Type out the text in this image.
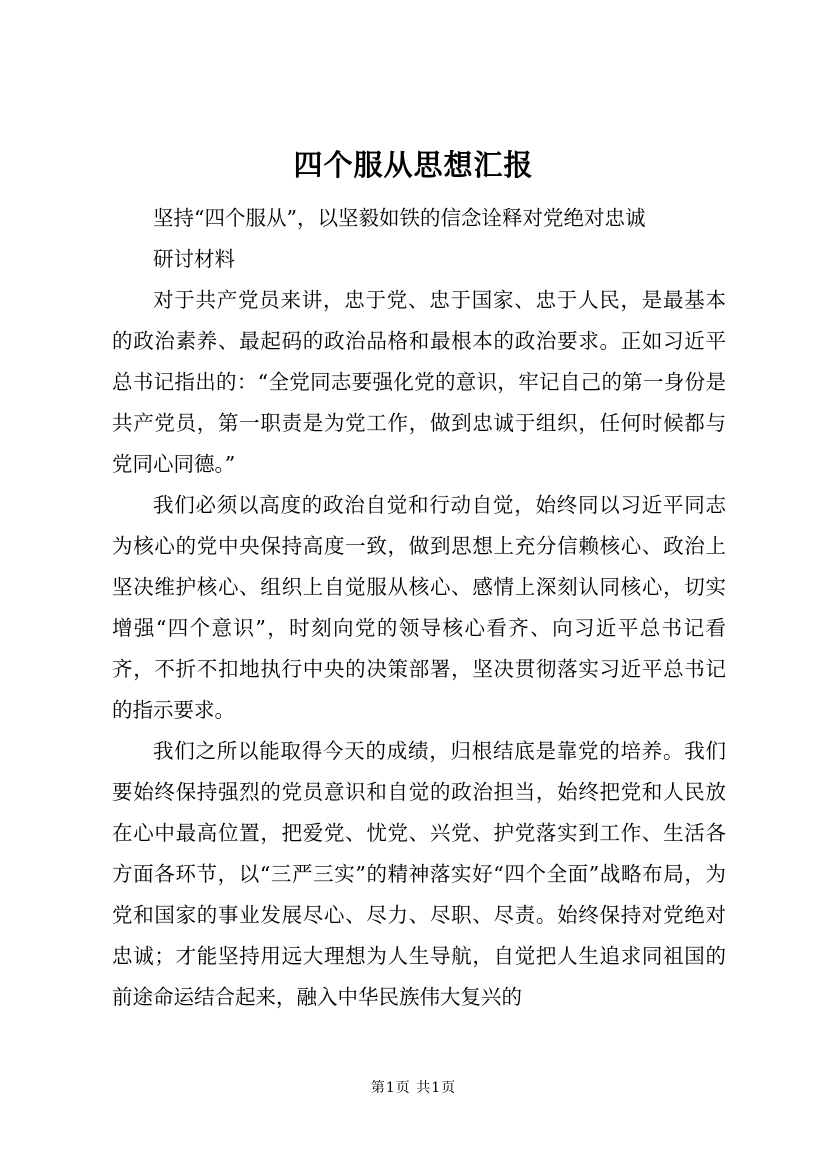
四个服从思想汇报

坚持“四个服从”，以坚毅如铁的信念诠释对党绝对忠诚

研讨材料

对于共产党员来讲，忠于党、忠于国家、忠于人民，是最基本的政治素养、最起码的政治品格和最根本的政治要求。正如习近平总书记指出的：“全党同志要强化党的意识，牢记自己的第一身份是共产党员，第一职责是为党工作，做到忠诚于组织，任何时候都与党同心同德。”

我们必须以高度的政治自觉和行动自觉，始终同以习近平同志为核心的党中央保持高度一致，做到思想上充分信赖核心、政治上坚决维护核心、组织上自觉服从核心、感情上深刻认同核心，切实增强“四个意识”，时刻向党的领导核心看齐、向习近平总书记看齐，不折不扣地执行中央的决策部署，坚决贯彻落实习近平总书记的指示要求。

我们之所以能取得今天的成绩，归根结底是靠党的培养。我们要始终保持强烈的党员意识和自觉的政治担当，始终把党和人民放在心中最高位置，把爱党、忧党、兴党、护党落实到工作、生活各方面各环节，以“三严三实”的精神落实好“四个全面”战略布局，为党和国家的事业发展尽心、尽力、尽职、尽责。始终保持对党绝对忠诚；才能坚持用远大理想为人生导航，自觉把人生追求同祖国的前途命运结合起来，融入中华民族伟大复兴的

第1页 共1页
